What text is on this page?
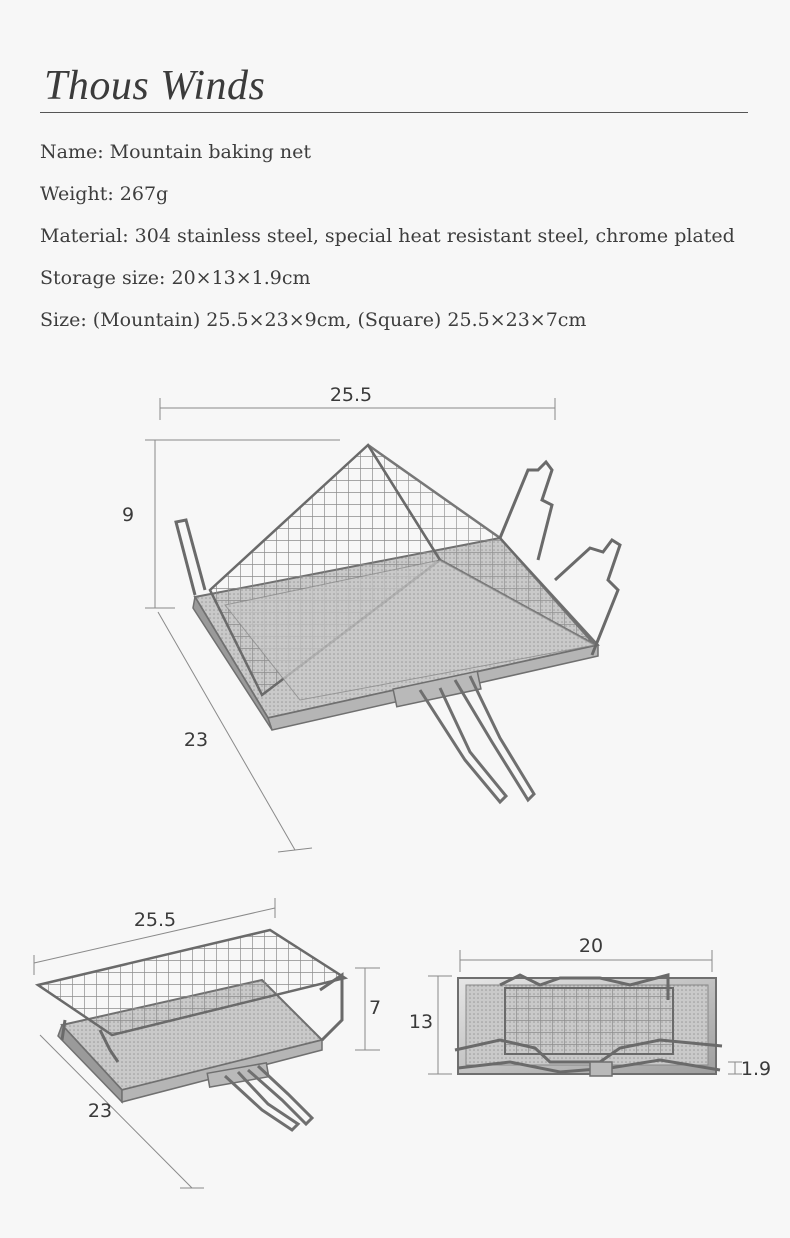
Thous Winds
Name: Mountain baking net
Weight: 267g
Material: 304 stainless steel, special heat resistant steel, chrome plated
Storage size: 20×13×1.9cm
Size: (Mountain) 25.5×23×9cm, (Square) 25.5×23×7cm
25.5
9
23
25.5
7
23
20
13
1.9
